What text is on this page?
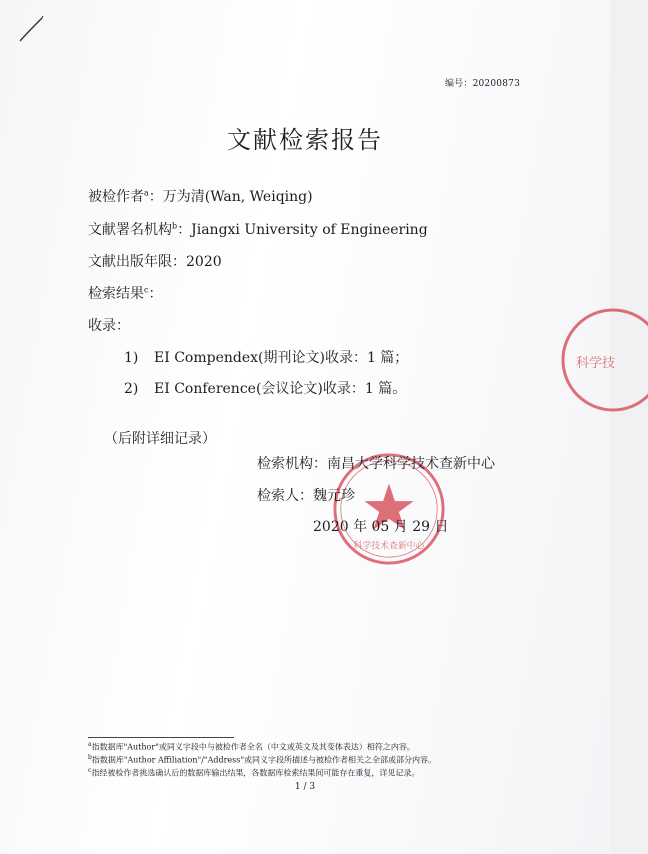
编号：20200873
文献检索报告
被检作者$^a$：万为清(Wan, Weiqing)
文献署名机构$^b$：Jiangxi University of Engineering
文献出版年限：2020
检索结果$^c$：
收录：
1) EI Compendex(期刊论文)收录：1 篇；
2) EI Conference(会议论文)收录：1 篇。
（后附详细记录）
科学技术查新中心
科学技
检索机构：南昌大学科学技术查新中心
检索人：魏元珍
2020 年 05 月 29 日
$^a$指数据库"Author"或同义字段中与被检作者全名（中文或英文及其变体表达）相符之内容。
$^b$指数据库"Author Affiliation"/"Address"或同义字段所描述与被检作者相关之全部或部分内容。
$^c$指经被检作者挑选确认后的数据库输出结果，各数据库检索结果间可能存在重复，详见记录。
1 / 3
